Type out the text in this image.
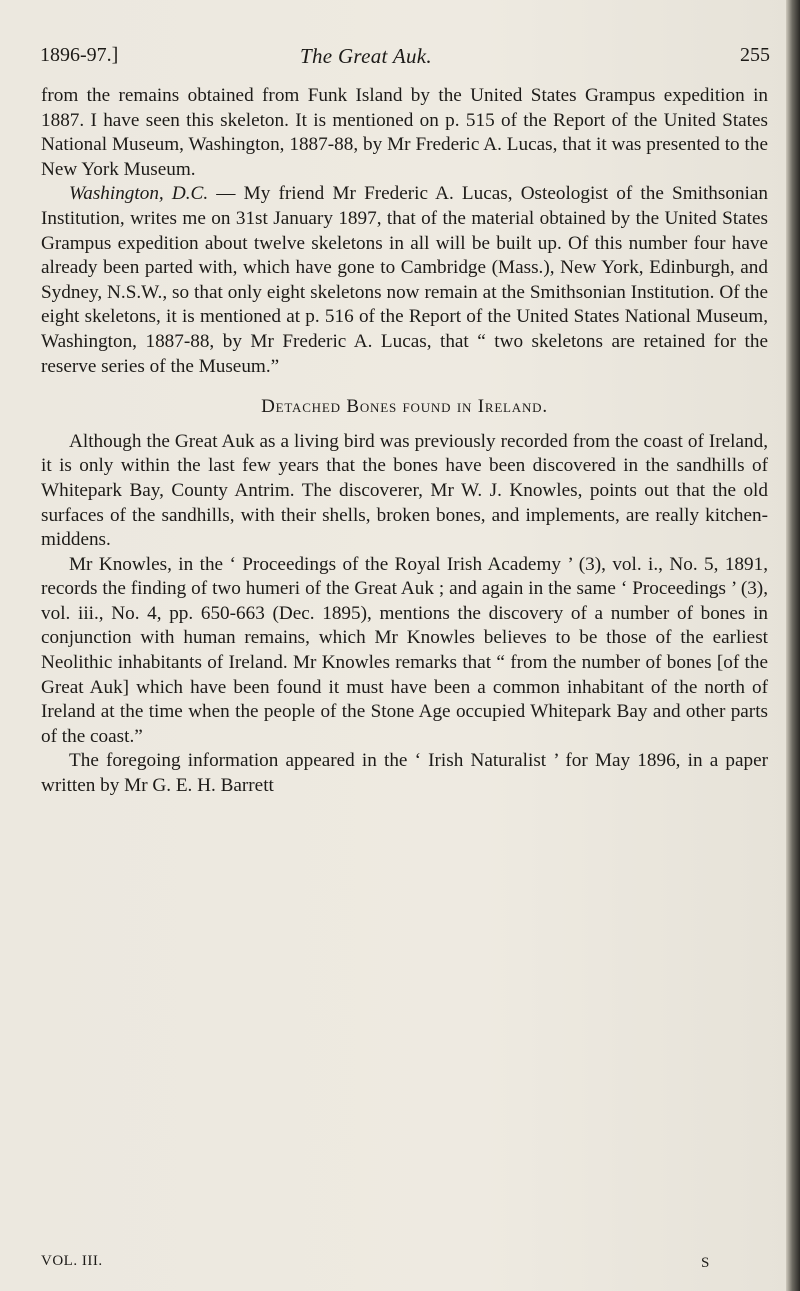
1896-97.]	The Great Auk.	255

from the remains obtained from Funk Island by the United States Grampus expedition in 1887. I have seen this skeleton. It is mentioned on p. 515 of the Report of the United States National Museum, Washington, 1887-88, by Mr Frederic A. Lucas, that it was presented to the New York Museum.

Washington, D.C. — My friend Mr Frederic A. Lucas, Osteologist of the Smithsonian Institution, writes me on 31st January 1897, that of the material obtained by the United States Grampus expedition about twelve skeletons in all will be built up. Of this number four have already been parted with, which have gone to Cambridge (Mass.), New York, Edinburgh, and Sydney, N.S.W., so that only eight skeletons now remain at the Smithsonian Institution. Of the eight skeletons, it is mentioned at p. 516 of the Report of the United States National Museum, Washington, 1887-88, by Mr Frederic A. Lucas, that “ two skeletons are retained for the reserve series of the Museum.”

Detached Bones found in Ireland.

Although the Great Auk as a living bird was previously recorded from the coast of Ireland, it is only within the last few years that the bones have been discovered in the sandhills of Whitepark Bay, County Antrim. The discoverer, Mr W. J. Knowles, points out that the old surfaces of the sandhills, with their shells, broken bones, and implements, are really kitchen-middens.

Mr Knowles, in the ‘ Proceedings of the Royal Irish Academy ’ (3), vol. i., No. 5, 1891, records the finding of two humeri of the Great Auk ; and again in the same ‘ Proceedings ’ (3), vol. iii., No. 4, pp. 650-663 (Dec. 1895), mentions the discovery of a number of bones in conjunction with human remains, which Mr Knowles believes to be those of the earliest Neolithic inhabitants of Ireland. Mr Knowles remarks that “ from the number of bones [of the Great Auk] which have been found it must have been a common inhabitant of the north of Ireland at the time when the people of the Stone Age occupied Whitepark Bay and other parts of the coast.”

The foregoing information appeared in the ‘ Irish Naturalist ’ for May 1896, in a paper written by Mr G. E. H. Barrett

VOL. III.	S
